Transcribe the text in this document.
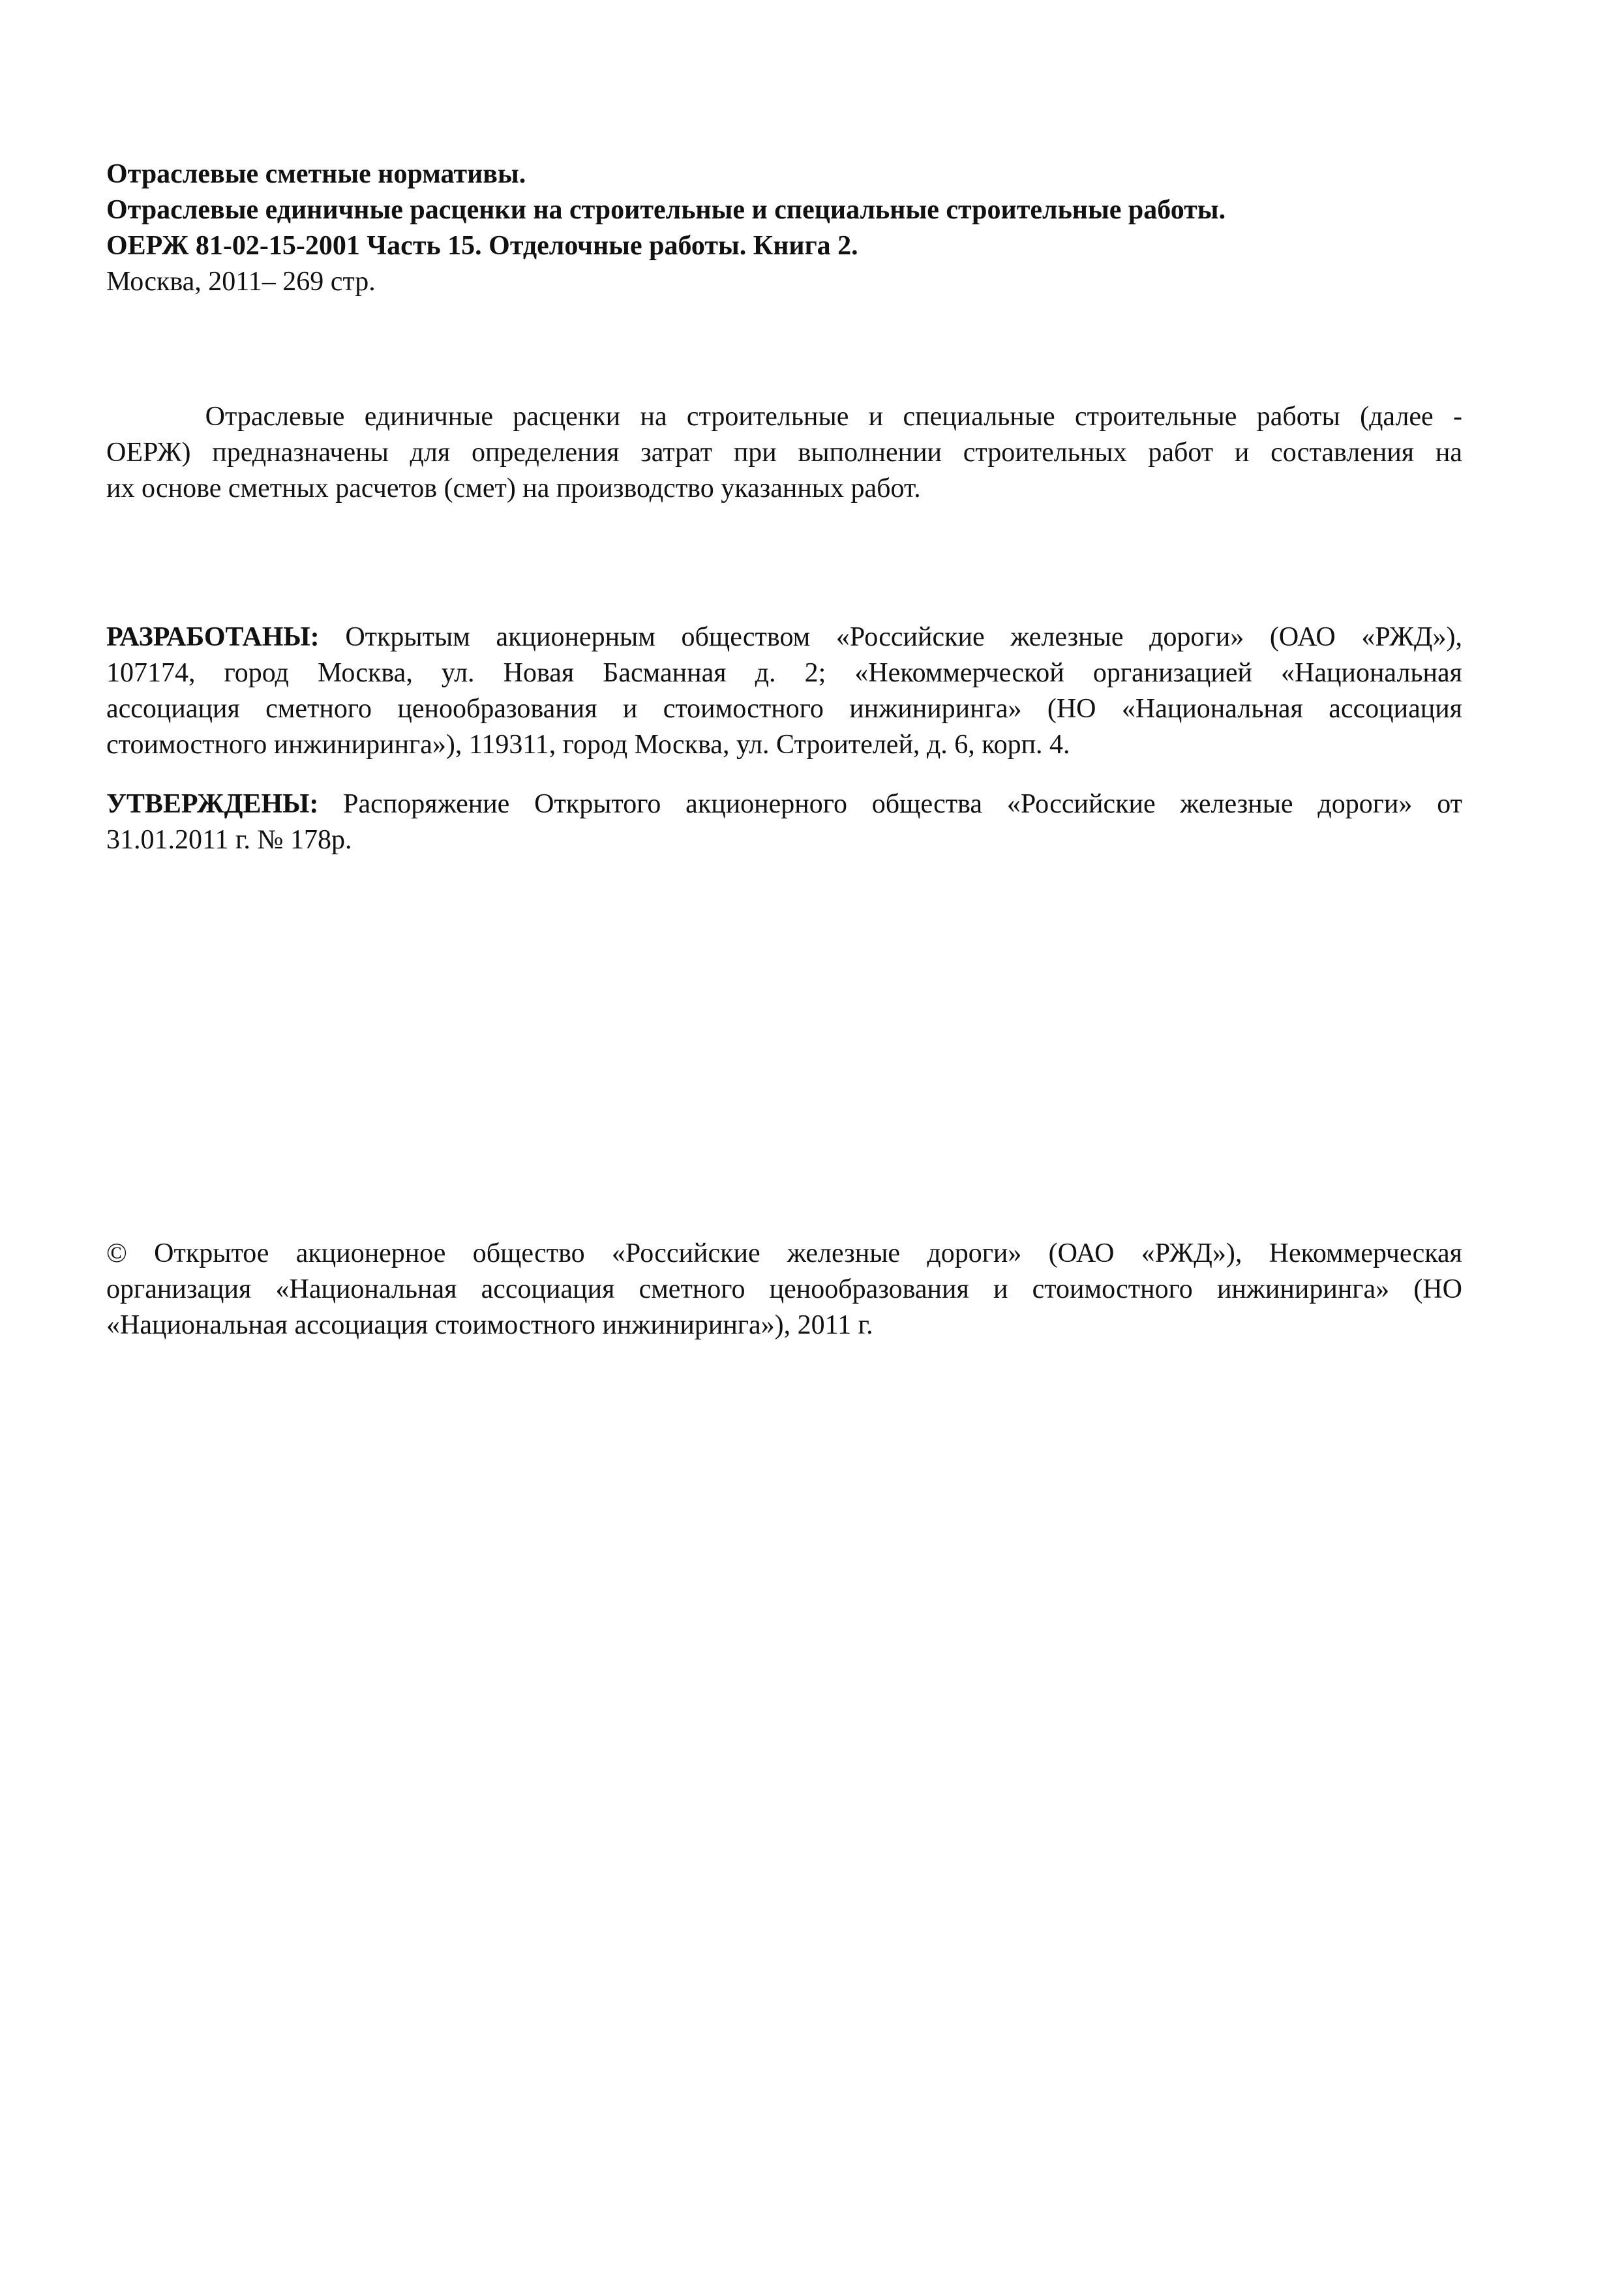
Отраслевые сметные нормативы.
Отраслевые единичные расценки на строительные и специальные строительные работы.
ОЕРЖ 81-02-15-2001 Часть 15. Отделочные работы. Книга 2.
Москва, 2011– 269 стр.
Отраслевые единичные расценки на строительные и специальные строительные работы (далее -
ОЕРЖ) предназначены для определения затрат при выполнении строительных работ и составления на
их основе сметных расчетов (смет) на производство указанных работ.
РАЗРАБОТАНЫ: Открытым акционерным обществом «Российские железные дороги» (ОАО «РЖД»),
107174, город Москва, ул. Новая Басманная д. 2; «Некоммерческой организацией «Национальная
ассоциация сметного ценообразования и стоимостного инжиниринга» (НО «Национальная ассоциация
стоимостного инжиниринга»), 119311, город Москва, ул. Строителей, д. 6, корп. 4.
УТВЕРЖДЕНЫ: Распоряжение Открытого акционерного общества «Российские железные дороги» от
31.01.2011 г. № 178р.
© Открытое акционерное общество «Российские железные дороги» (ОАО «РЖД»), Некоммерческая
организация «Национальная ассоциация сметного ценообразования и стоимостного инжиниринга» (НО
«Национальная ассоциация стоимостного инжиниринга»), 2011 г.
